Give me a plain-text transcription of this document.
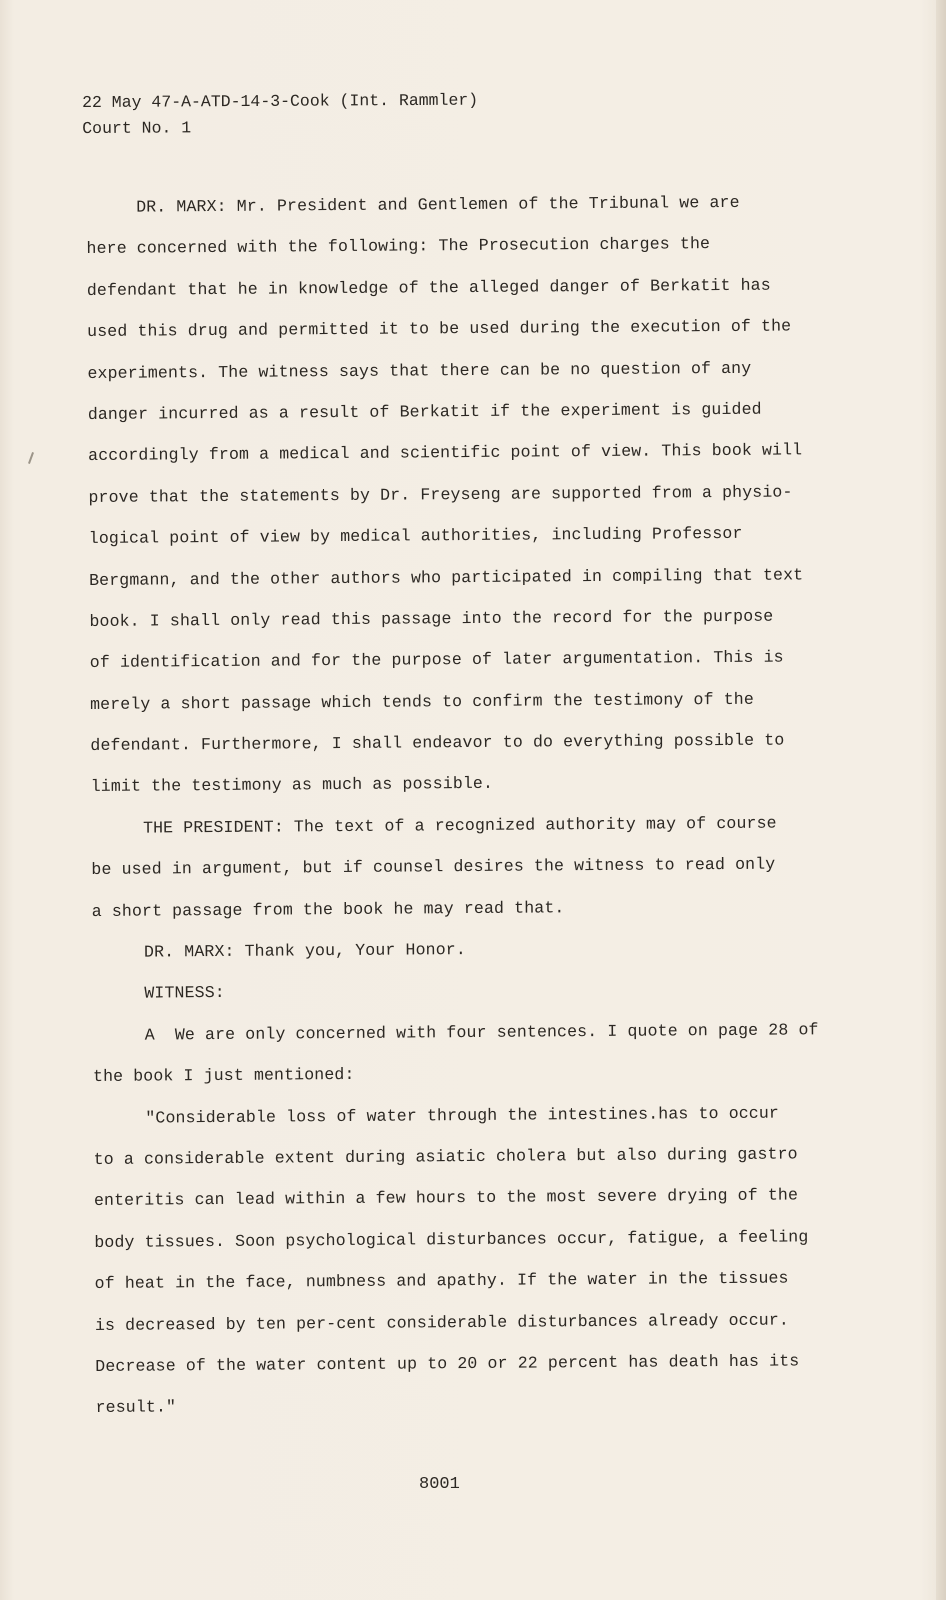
22 May 47-A-ATD-14-3-Cook (Int. Rammler)
Court No. 1
DR. MARX: Mr. President and Gentlemen of the Tribunal we are
here concerned with the following: The Prosecution charges the
defendant that he in knowledge of the alleged danger of Berkatit has
used this drug and permitted it to be used during the execution of the
experiments. The witness says that there can be no question of any
danger incurred as a result of Berkatit if the experiment is guided
accordingly from a medical and scientific point of view. This book will
prove that the statements by Dr. Freyseng are supported from a physio-
logical point of view by medical authorities, including Professor
Bergmann, and the other authors who participated in compiling that text
book. I shall only read this passage into the record for the purpose
of identification and for the purpose of later argumentation. This is
merely a short passage which tends to confirm the testimony of the
defendant. Furthermore, I shall endeavor to do everything possible to
limit the testimony as much as possible.
THE PRESIDENT: The text of a recognized authority may of course
be used in argument, but if counsel desires the witness to read only
a short passage from the book he may read that.
DR. MARX: Thank you, Your Honor.
WITNESS:
A  We are only concerned with four sentences. I quote on page 28 of
the book I just mentioned:
"Considerable loss of water through the intestines.has to occur
to a considerable extent during asiatic cholera but also during gastro
enteritis can lead within a few hours to the most severe drying of the
body tissues. Soon psychological disturbances occur, fatigue, a feeling
of heat in the face, numbness and apathy. If the water in the tissues
is decreased by ten per-cent considerable disturbances already occur.
Decrease of the water content up to 20 or 22 percent has death has its
result."
8001
